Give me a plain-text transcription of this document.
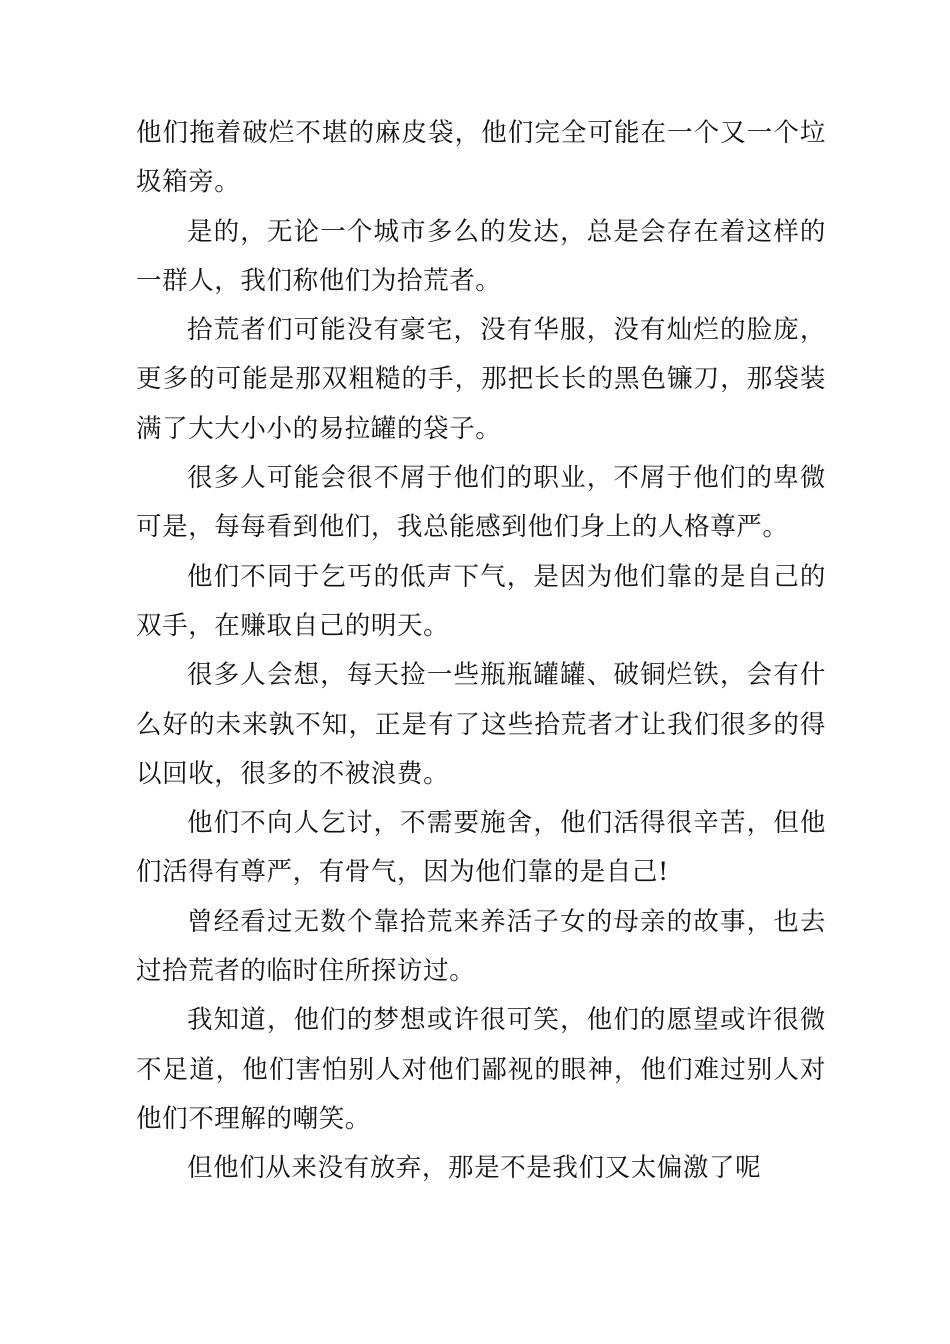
他们拖着破烂不堪的麻皮袋，他们完全可能在一个又一个垃圾箱旁。

是的，无论一个城市多么的发达，总是会存在着这样的一群人，我们称他们为拾荒者。

拾荒者们可能没有豪宅，没有华服，没有灿烂的脸庞，更多的可能是那双粗糙的手，那把长长的黑色镰刀，那袋装满了大大小小的易拉罐的袋子。

很多人可能会很不屑于他们的职业，不屑于他们的卑微可是，每每看到他们，我总能感到他们身上的人格尊严。

他们不同于乞丐的低声下气，是因为他们靠的是自己的双手，在赚取自己的明天。

很多人会想，每天捡一些瓶瓶罐罐、破铜烂铁，会有什么好的未来孰不知，正是有了这些拾荒者才让我们很多的得以回收，很多的不被浪费。

他们不向人乞讨，不需要施舍，他们活得很辛苦，但他们活得有尊严，有骨气，因为他们靠的是自己!

曾经看过无数个靠拾荒来养活子女的母亲的故事，也去过拾荒者的临时住所探访过。

我知道，他们的梦想或许很可笑，他们的愿望或许很微不足道，他们害怕别人对他们鄙视的眼神，他们难过别人对他们不理解的嘲笑。

但他们从来没有放弃，那是不是我们又太偏激了呢
